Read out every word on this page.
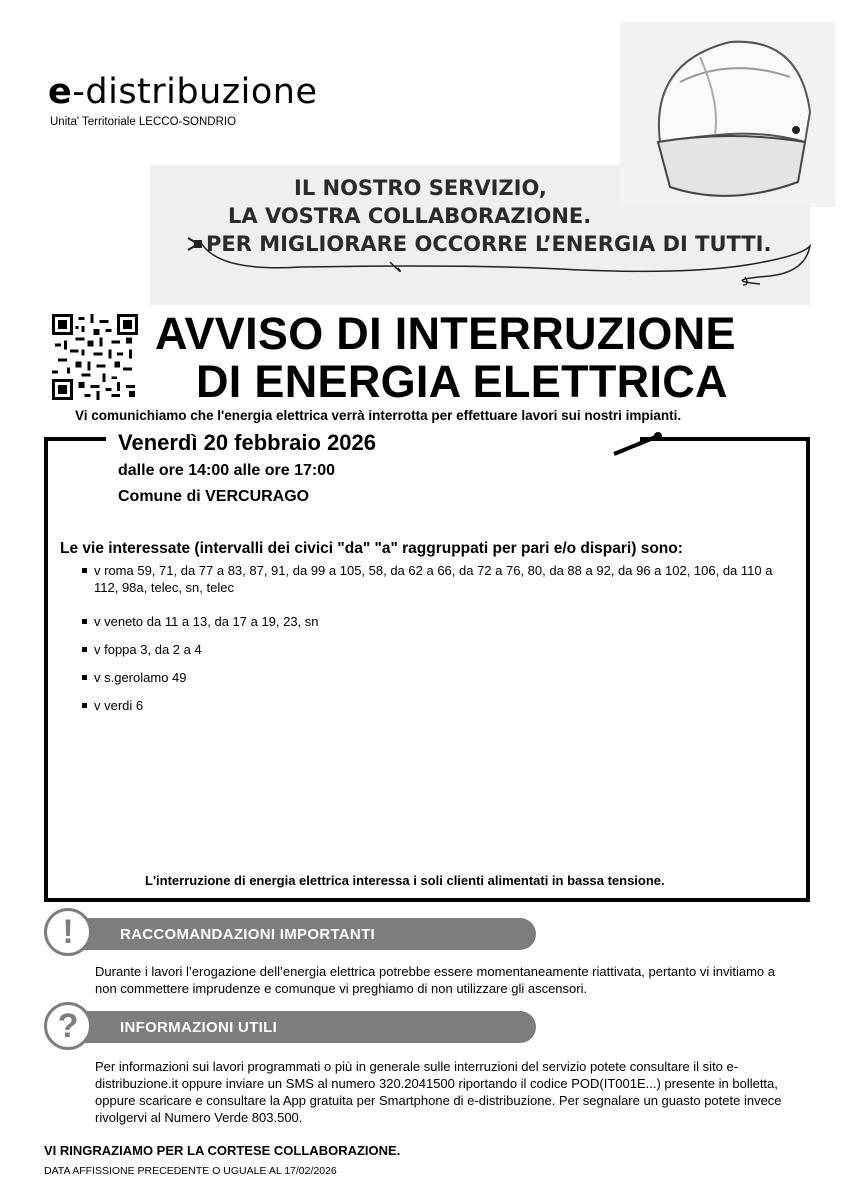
e-distribuzione
Unita' Territoriale LECCO-SONDRIO
IL NOSTRO SERVIZIO,
LA VOSTRA COLLABORAZIONE.
PER MIGLIORARE OCCORRE L’ENERGIA DI TUTTI.
AVVISO DI INTERRUZIONE
DI ENERGIA ELETTRICA
Vi comunichiamo che l'energia elettrica verrà interrotta per effettuare lavori sui nostri impianti.
Venerdì 20 febbraio 2026
dalle ore 14:00 alle ore 17:00
Comune di VERCURAGO
Le vie interessate (intervalli dei civici "da" "a" raggruppati per pari e/o dispari) sono:
v roma 59, 71, da 77 a 83, 87, 91, da 99 a 105, 58, da 62 a 66, da 72 a 76, 80, da 88 a 92, da 96 a 102, 106, da 110 a 112, 98a, telec, sn, telec
v veneto da 11 a 13, da 17 a 19, 23, sn
v foppa 3, da 2 a 4
v s.gerolamo 49
v verdi 6
L'interruzione di energia elettrica interessa i soli clienti alimentati in bassa tensione.
RACCOMANDAZIONI IMPORTANTI
!
Durante i lavori l’erogazione dell’energia elettrica potrebbe essere momentaneamente riattivata, pertanto vi invitiamo a non commettere imprudenze e comunque vi preghiamo di non utilizzare gli ascensori.
INFORMAZIONI UTILI
?
Per informazioni sui lavori programmati o più in generale sulle interruzioni del servizio potete consultare il sito e-distribuzione.it oppure inviare un SMS al numero 320.2041500 riportando il codice POD(IT001E...) presente in bolletta, oppure scaricare e consultare la App gratuita per Smartphone di e-distribuzione. Per segnalare un guasto potete invece rivolgervi al Numero Verde 803.500.
VI RINGRAZIAMO PER LA CORTESE COLLABORAZIONE.
DATA AFFISSIONE PRECEDENTE O UGUALE AL 17/02/2026
